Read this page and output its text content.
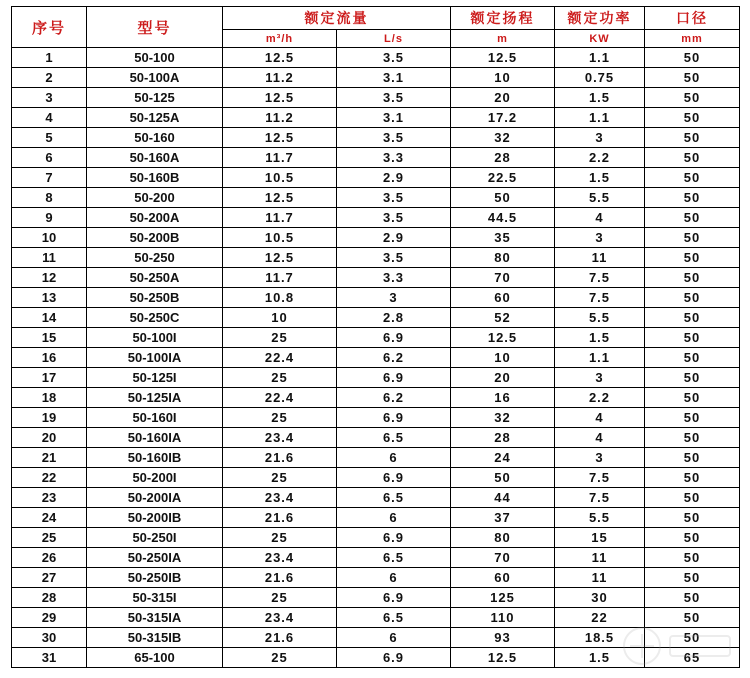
序号	型号	额定流量		额定扬程	额定功率	口径
		m³/h	L/s	m	KW	mm
1	50-100	12.5	3.5	12.5	1.1	50
2	50-100A	11.2	3.1	10	0.75	50
3	50-125	12.5	3.5	20	1.5	50
4	50-125A	11.2	3.1	17.2	1.1	50
5	50-160	12.5	3.5	32	3	50
6	50-160A	11.7	3.3	28	2.2	50
7	50-160B	10.5	2.9	22.5	1.5	50
8	50-200	12.5	3.5	50	5.5	50
9	50-200A	11.7	3.5	44.5	4	50
10	50-200B	10.5	2.9	35	3	50
11	50-250	12.5	3.5	80	11	50
12	50-250A	11.7	3.3	70	7.5	50
13	50-250B	10.8	3	60	7.5	50
14	50-250C	10	2.8	52	5.5	50
15	50-100I	25	6.9	12.5	1.5	50
16	50-100IA	22.4	6.2	10	1.1	50
17	50-125I	25	6.9	20	3	50
18	50-125IA	22.4	6.2	16	2.2	50
19	50-160I	25	6.9	32	4	50
20	50-160IA	23.4	6.5	28	4	50
21	50-160IB	21.6	6	24	3	50
22	50-200I	25	6.9	50	7.5	50
23	50-200IA	23.4	6.5	44	7.5	50
24	50-200IB	21.6	6	37	5.5	50
25	50-250I	25	6.9	80	15	50
26	50-250IA	23.4	6.5	70	11	50
27	50-250IB	21.6	6	60	11	50
28	50-315I	25	6.9	125	30	50
29	50-315IA	23.4	6.5	110	22	50
30	50-315IB	21.6	6	93	18.5	50
31	65-100	25	6.9	12.5	1.5	65
